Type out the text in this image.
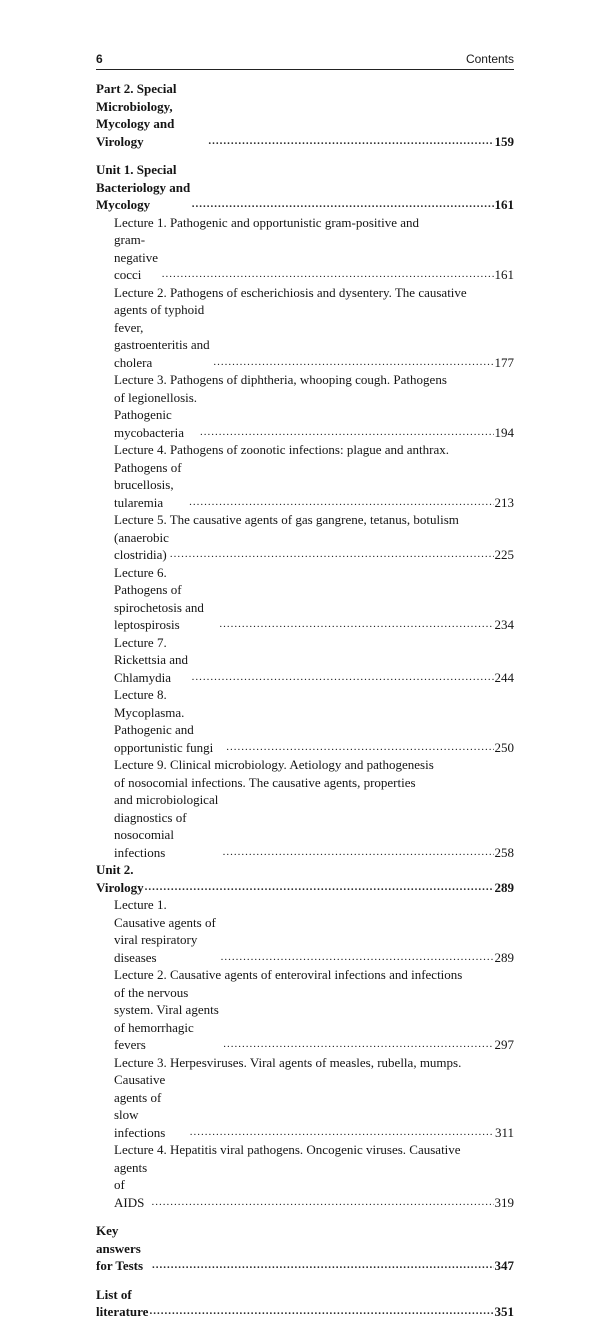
6	Contents
Part 2. Special Microbiology, Mycology and Virology .....	159
Unit 1. Special Bacteriology and Mycology .....	161
Lecture 1. Pathogenic and opportunistic gram-positive and
gram-negative cocci .....	161
Lecture 2. Pathogens of escherichiosis and dysentery. The causative
agents of typhoid fever, gastroenteritis and cholera .....	177
Lecture 3. Pathogens of diphtheria, whooping cough. Pathogens
of legionellosis. Pathogenic mycobacteria .....	194
Lecture 4. Pathogens of zoonotic infections: plague and anthrax.
Pathogens of brucellosis, tularemia .....	213
Lecture 5. The causative agents of gas gangrene, tetanus, botulism
(anaerobic clostridia) .....	225
Lecture 6. Pathogens of spirochetosis and leptospirosis .....	234
Lecture 7. Rickettsia and Chlamydia .....	244
Lecture 8. Mycoplasma. Pathogenic and opportunistic fungi .....	250
Lecture 9. Clinical microbiology. Aetiology and pathogenesis
of nosocomial infections. The causative agents, properties
and microbiological diagnostics of nosocomial infections .....	258
Unit 2. Virology .....	289
Lecture 1. Causative agents of viral respiratory diseases .....	289
Lecture 2. Causative agents of enteroviral infections and infections
of the nervous system. Viral agents of hemorrhagic fevers .....	297
Lecture 3. Herpesviruses. Viral agents of measles, rubella, mumps.
Causative agents of slow infections .....	311
Lecture 4. Hepatitis viral pathogens. Oncogenic viruses. Causative
agents of AIDS .....	319
Key answers for Tests .....	347
List of literature .....	351
